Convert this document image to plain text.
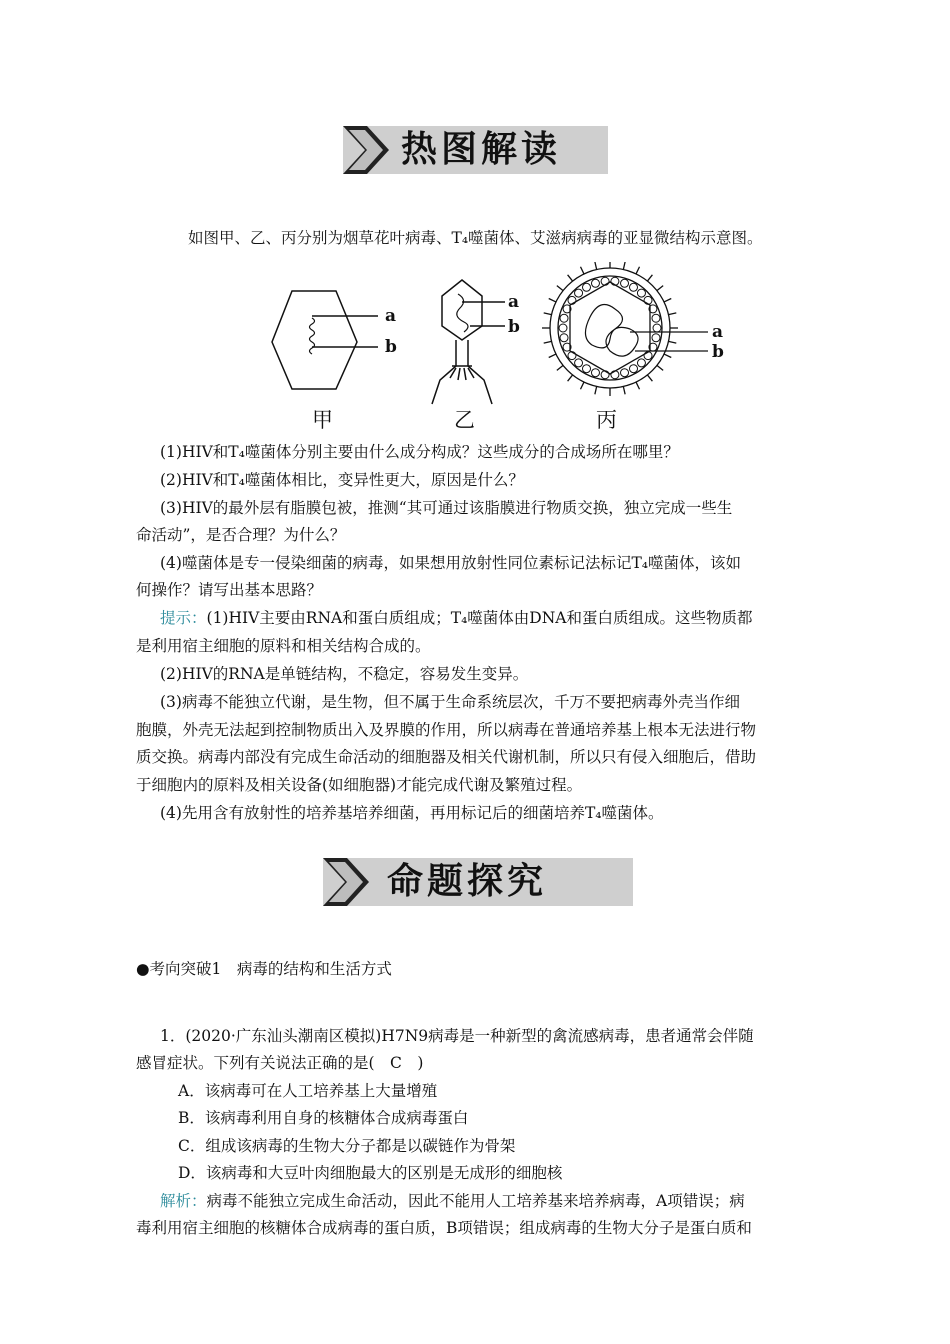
热图解读
如图甲、乙、丙分别为烟草花叶病毒、T₄噬菌体、艾滋病病毒的亚显微结构示意图。
a
b
a
b	a
b
甲	乙	丙
(1)HIV和T₄噬菌体分别主要由什么成分构成？这些成分的合成场所在哪里？
(2)HIV和T₄噬菌体相比，变异性更大，原因是什么？
(3)HIV的最外层有脂膜包被，推测“其可通过该脂膜进行物质交换，独立完成一些生
命活动”，是否合理？为什么？
(4)噬菌体是专一侵染细菌的病毒，如果想用放射性同位素标记法标记T₄噬菌体，该如
何操作？请写出基本思路？
提示：(1)HIV主要由RNA和蛋白质组成；T₄噬菌体由DNA和蛋白质组成。这些物质都
是利用宿主细胞的原料和相关结构合成的。
(2)HIV的RNA是单链结构，不稳定，容易发生变异。
(3)病毒不能独立代谢，是生物，但不属于生命系统层次，千万不要把病毒外壳当作细
胞膜，外壳无法起到控制物质出入及界膜的作用，所以病毒在普通培养基上根本无法进行物
质交换。病毒内部没有完成生命活动的细胞器及相关代谢机制，所以只有侵入细胞后，借助
于细胞内的原料及相关设备(如细胞器)才能完成代谢及繁殖过程。
(4)先用含有放射性的培养基培养细菌，再用标记后的细菌培养T₄噬菌体。
命题探究
●考向突破1　病毒的结构和生活方式
1．(2020·广东汕头潮南区模拟)H7N9病毒是一种新型的禽流感病毒，患者通常会伴随
感冒症状。下列有关说法正确的是(　C　)
A．该病毒可在人工培养基上大量增殖
B．该病毒利用自身的核糖体合成病毒蛋白
C．组成该病毒的生物大分子都是以碳链作为骨架
D．该病毒和大豆叶肉细胞最大的区别是无成形的细胞核
解析：病毒不能独立完成生命活动，因此不能用人工培养基来培养病毒，A项错误；病
毒利用宿主细胞的核糖体合成病毒的蛋白质，B项错误；组成病毒的生物大分子是蛋白质和
